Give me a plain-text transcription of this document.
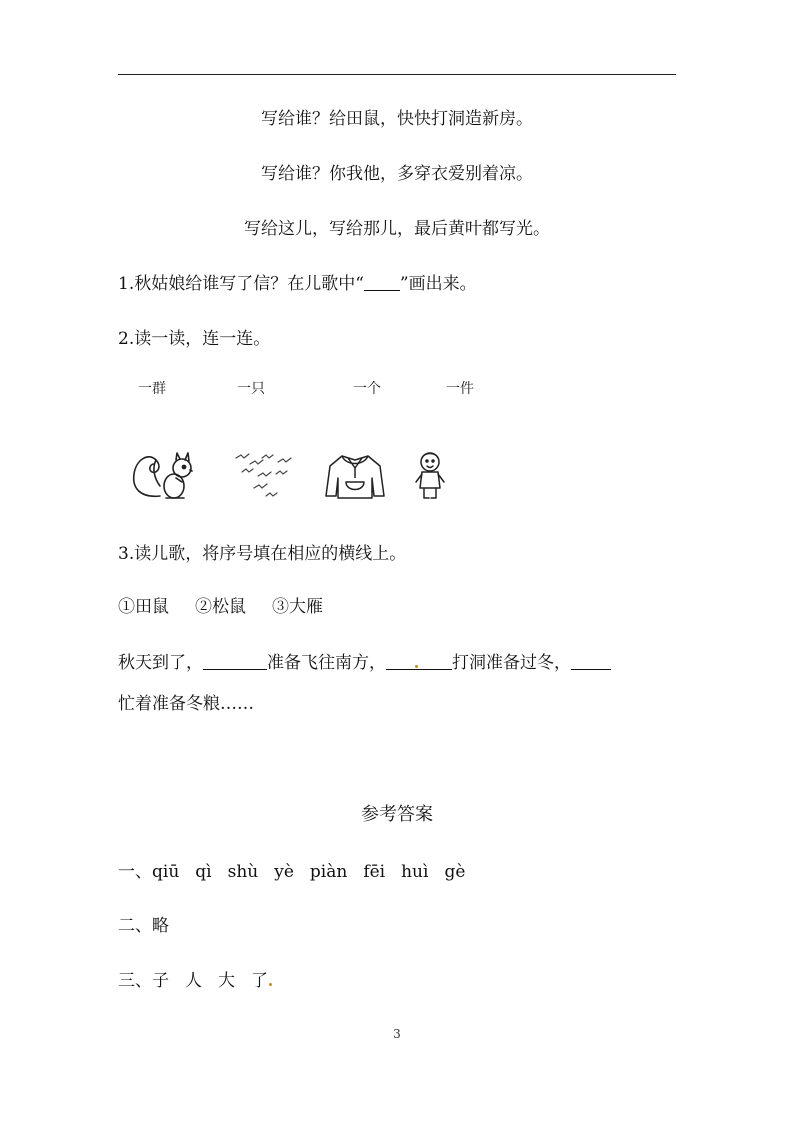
写给谁？给田鼠，快快打洞造新房。
写给谁？你我他，多穿衣爱别着凉。
写给这儿，写给那儿，最后黄叶都写光。
1.秋姑娘给谁写了信？在儿歌中“ ”画出来。
2.读一读，连一连。
一群	一只	一个	一件
3.读儿歌，将序号填在相应的横线上。
①田鼠 ②松鼠 ③大雁
秋天到了，	准备飞往南方，	打洞准备过冬，
忙着准备冬粮……
参考答案
一、qiū qì shù yè piàn fēi huì gè
二、略
三、子 人 大 了
3
